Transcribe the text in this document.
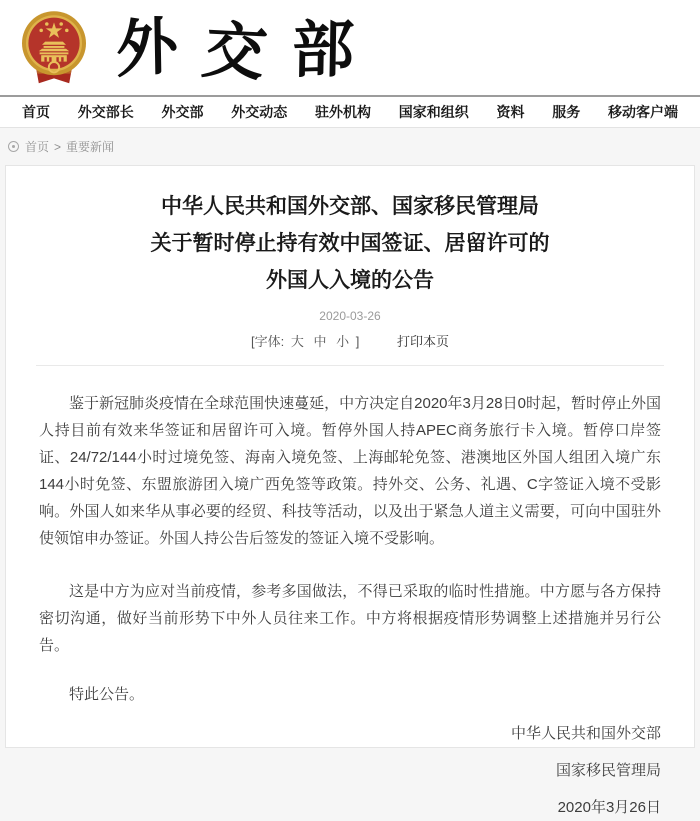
外 交 部
首页 外交部长 外交部 外交动态 驻外机构 国家和组织 资料 服务 移动客户端
首页 > 重要新闻
中华人民共和国外交部、国家移民管理局
关于暂时停止持有效中国签证、居留许可的
外国人入境的公告
2020-03-26
[字体: 大 中 小 ]	打印本页

鉴于新冠肺炎疫情在全球范围快速蔓延，中方决定自2020年3月28日0时起，暂时停止外国人持目前有效来华签证和居留许可入境。暂停外国人持APEC商务旅行卡入境。暂停口岸签证、24/72/144小时过境免签、海南入境免签、上海邮轮免签、港澳地区外国人组团入境广东144小时免签、东盟旅游团入境广西免签等政策。持外交、公务、礼遇、C字签证入境不受影响。外国人如来华从事必要的经贸、科技等活动，以及出于紧急人道主义需要，可向中国驻外使领馆申办签证。外国人持公告后签发的签证入境不受影响。

这是中方为应对当前疫情，参考多国做法，不得已采取的临时性措施。中方愿与各方保持密切沟通，做好当前形势下中外人员往来工作。中方将根据疫情形势调整上述措施并另行公告。

特此公告。
中华人民共和国外交部
国家移民管理局
2020年3月26日
